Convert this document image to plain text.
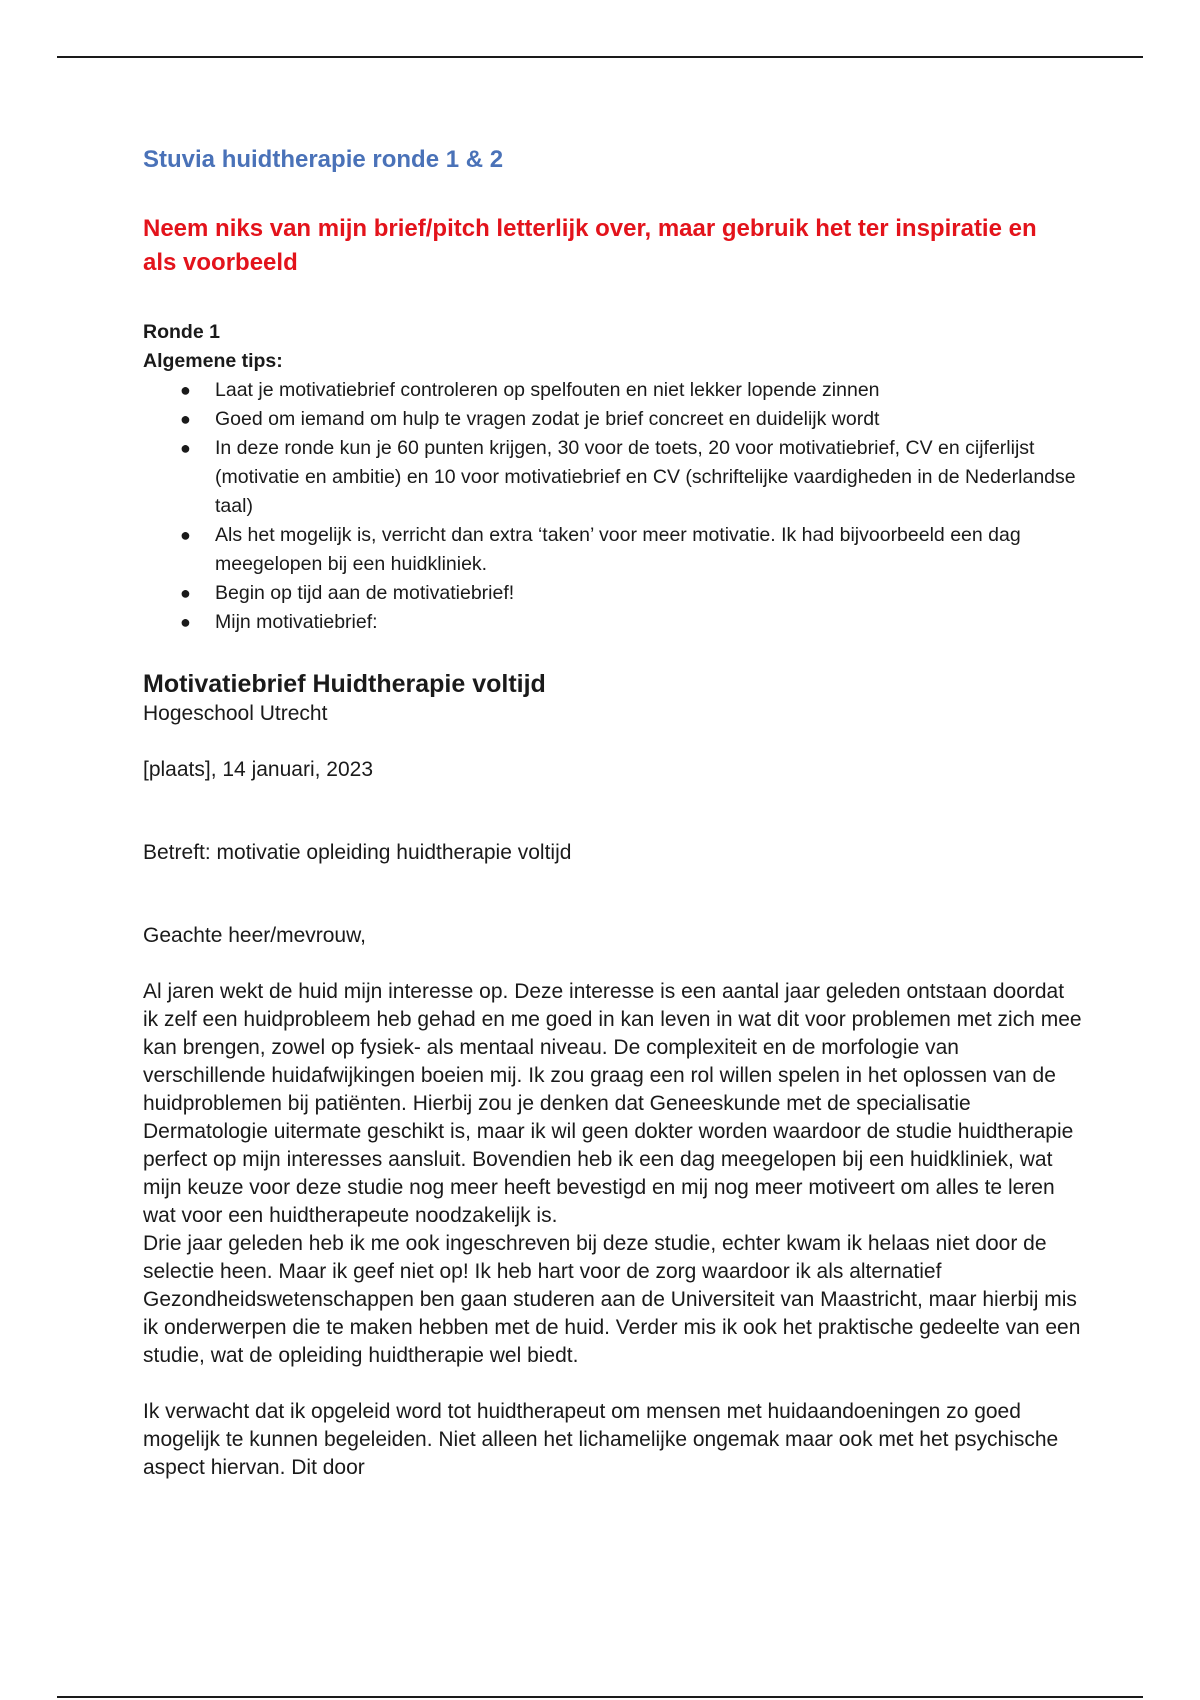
Stuvia huidtherapie ronde 1 & 2

Neem niks van mijn brief/pitch letterlijk over, maar gebruik het ter inspiratie en als voorbeeld

Ronde 1

Algemene tips:

● Laat je motivatiebrief controleren op spelfouten en niet lekker lopende zinnen
● Goed om iemand om hulp te vragen zodat je brief concreet en duidelijk wordt
● In deze ronde kun je 60 punten krijgen, 30 voor de toets, 20 voor motivatiebrief, CV en cijferlijst (motivatie en ambitie) en 10 voor motivatiebrief en CV (schriftelijke vaardigheden in de Nederlandse taal)
● Als het mogelijk is, verricht dan extra ‘taken’ voor meer motivatie. Ik had bijvoorbeeld een dag meegelopen bij een huidkliniek.
● Begin op tijd aan de motivatiebrief!
● Mijn motivatiebrief:

Motivatiebrief Huidtherapie voltijd

Hogeschool Utrecht

[plaats], 14 januari, 2023

Betreft: motivatie opleiding huidtherapie voltijd

Geachte heer/mevrouw,

Al jaren wekt de huid mijn interesse op. Deze interesse is een aantal jaar geleden ontstaan doordat ik zelf een huidprobleem heb gehad en me goed in kan leven in wat dit voor problemen met zich mee kan brengen, zowel op fysiek- als mentaal niveau. De complexiteit en de morfologie van verschillende huidafwijkingen boeien mij. Ik zou graag een rol willen spelen in het oplossen van de huidproblemen bij patiënten. Hierbij zou je denken dat Geneeskunde met de specialisatie Dermatologie uitermate geschikt is, maar ik wil geen dokter worden waardoor de studie huidtherapie perfect op mijn interesses aansluit. Bovendien heb ik een dag meegelopen bij een huidkliniek, wat mijn keuze voor deze studie nog meer heeft bevestigd en mij nog meer motiveert om alles te leren wat voor een huidtherapeute noodzakelijk is.

Drie jaar geleden heb ik me ook ingeschreven bij deze studie, echter kwam ik helaas niet door de selectie heen. Maar ik geef niet op! Ik heb hart voor de zorg waardoor ik als alternatief Gezondheidswetenschappen ben gaan studeren aan de Universiteit van Maastricht, maar hierbij mis ik onderwerpen die te maken hebben met de huid. Verder mis ik ook het praktische gedeelte van een studie, wat de opleiding huidtherapie wel biedt.

Ik verwacht dat ik opgeleid word tot huidtherapeut om mensen met huidaandoeningen zo goed mogelijk te kunnen begeleiden. Niet alleen het lichamelijke ongemak maar ook met het psychische aspect hiervan. Dit door
